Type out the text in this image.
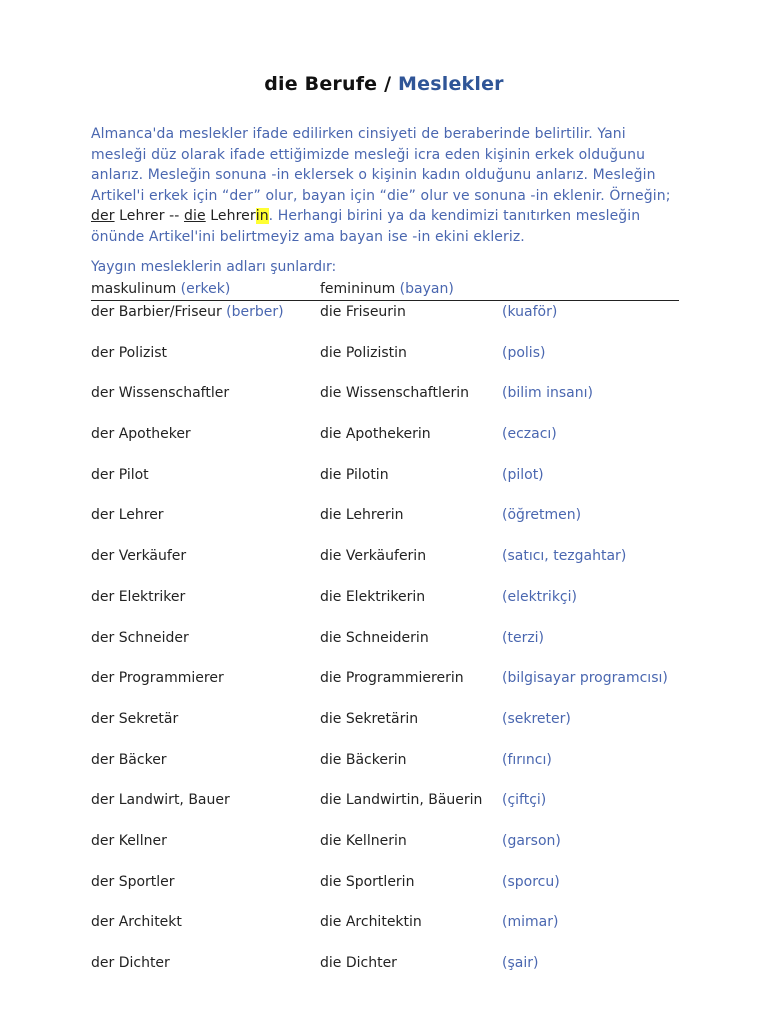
die Berufe / Meslekler
Almanca'da meslekler ifade edilirken cinsiyeti de beraberinde belirtilir. Yani
mesleği düz olarak ifade ettiğimizde mesleği icra eden kişinin erkek olduğunu
anlarız. Mesleğin sonuna -in eklersek o kişinin kadın olduğunu anlarız. Mesleğin
Artikel'i erkek için “der” olur, bayan için “die” olur ve sonuna -in eklenir. Örneğin;
der Lehrer -- die Lehrerin. Herhangi birini ya da kendimizi tanıtırken mesleğin
önünde Artikel'ini belirtmeyiz ama bayan ise -in ekini ekleriz.
Yaygın mesleklerin adları şunlardır:
maskulinum (erkek)	femininum (bayan)
der Barbier/Friseur (berber)	die Friseurin	(kuaför)
der Polizist	die Polizistin	(polis)
der Wissenschaftler	die Wissenschaftlerin (bilim insanı)
der Apotheker	die Apothekerin	(eczacı)
der Pilot	die Pilotin	(pilot)
der Lehrer	die Lehrerin	(öğretmen)
der Verkäufer	die Verkäuferin	(satıcı, tezgahtar)
der Elektriker	die Elektrikerin	(elektrikçi)
der Schneider	die Schneiderin	(terzi)
der Programmierer	die Programmiererin	(bilgisayar programcısı)
der Sekretär	die Sekretärin	(sekreter)
der Bäcker	die Bäckerin	(fırıncı)
der Landwirt, Bauer	die Landwirtin, Bäuerin (çiftçi)
der Kellner	die Kellnerin	(garson)
der Sportler	die Sportlerin	(sporcu)
der Architekt	die Architektin	(mimar)
der Dichter	die Dichter	(şair)
